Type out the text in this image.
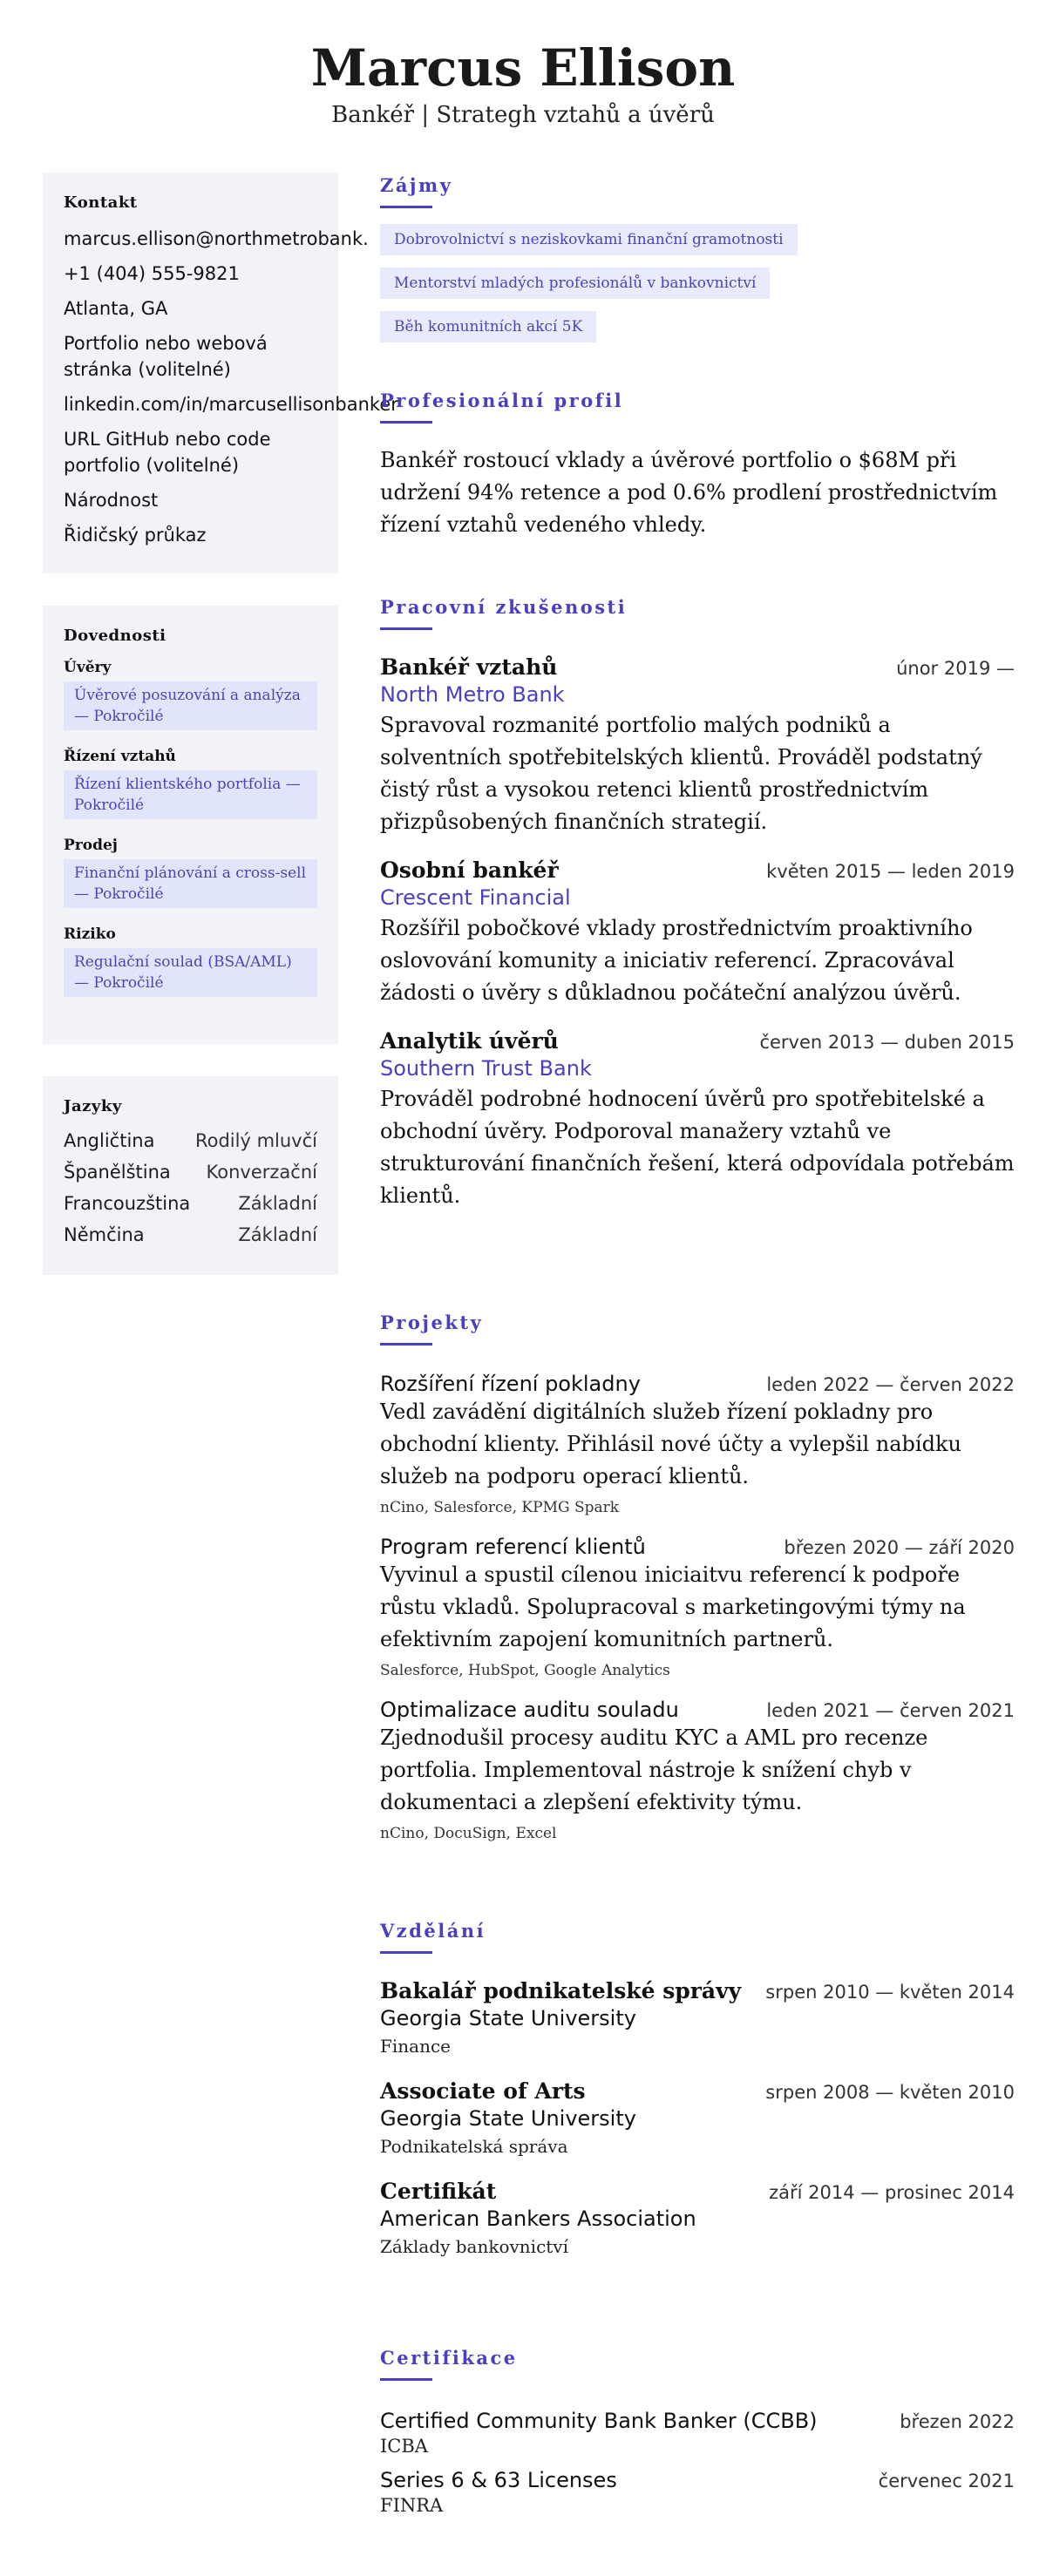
Marcus Ellison

Bankéř | Strategh vztahů a úvěrů

Kontakt
marcus.ellison@northmetrobank.
+1 (404) 555-9821
Atlanta, GA
Portfolio nebo webová stránka (volitelné)
linkedin.com/in/marcusellisonbanker
URL GitHub nebo code portfolio (volitelné)
Národnost
Řidičský průkaz
Dovednosti
Úvěry
Úvěrové posuzování a analýza — Pokročilé
Řízení vztahů
Řízení klientského portfolia — Pokročilé
Prodej
Finanční plánování a cross-sell — Pokročilé
Riziko
Regulační soulad (BSA/AML) — Pokročilé
Jazyky
Angličtina Rodilý mluvčí
Španělština Konverzační
Francouzština	Základní
Němčina	Základní
Zájmy
Dobrovolnictví s neziskovkami finanční gramotnosti
Mentorství mladých profesionálů v bankovnictví
Běh komunitních akcí 5K
Profesionální profil
Bankéř rostoucí vklady a úvěrové portfolio o $68M při udržení 94% retence a pod 0.6% prodlení prostřednictvím řízení vztahů vedeného vhledy.
Pracovní zkušenosti
Bankéř vztahů	únor 2019 —
North Metro Bank
Spravoval rozmanité portfolio malých podniků a solventních spotřebitelských klientů. Prováděl podstatný čistý růst a vysokou retenci klientů prostřednictvím přizpůsobených finančních strategií.
Osobní bankéř	květen 2015 — leden 2019
Crescent Financial
Rozšířil pobočkové vklady prostřednictvím proaktivního oslovování komunity a iniciativ referencí. Zpracovával žádosti o úvěry s důkladnou počáteční analýzou úvěrů.
Analytik úvěrů	červen 2013 — duben 2015
Southern Trust Bank
Prováděl podrobné hodnocení úvěrů pro spotřebitelské a obchodní úvěry. Podporoval manažery vztahů ve strukturování finančních řešení, která odpovídala potřebám klientů.
Projekty
Rozšíření řízení pokladny	leden 2022 — červen 2022
Vedl zavádění digitálních služeb řízení pokladny pro obchodní klienty. Přihlásil nové účty a vylepšil nabídku služeb na podporu operací klientů.
nCino, Salesforce, KPMG Spark
Program referencí klientů	březen 2020 — září 2020
Vyvinul a spustil cílenou iniciaitvu referencí k podpoře růstu vkladů. Spolupracoval s marketingovými týmy na efektivním zapojení komunitních partnerů.
Salesforce, HubSpot, Google Analytics
Optimalizace auditu souladu	leden 2021 — červen 2021
Zjednodušil procesy auditu KYC a AML pro recenze portfolia. Implementoval nástroje k snížení chyb v dokumentaci a zlepšení efektivity týmu.
nCino, DocuSign, Excel
Vzdělání
Bakalář podnikatelské správy srpen 2010 — květen 2014
Georgia State University
Finance
Associate of Arts	srpen 2008 — květen 2010
Georgia State University
Podnikatelská správa
Certifikát	září 2014 — prosinec 2014
American Bankers Association
Základy bankovnictví
Certifikace
Certified Community Bank Banker (CCBB)	březen 2022
ICBA
Series 6 & 63 Licenses	červenec 2021
FINRA
